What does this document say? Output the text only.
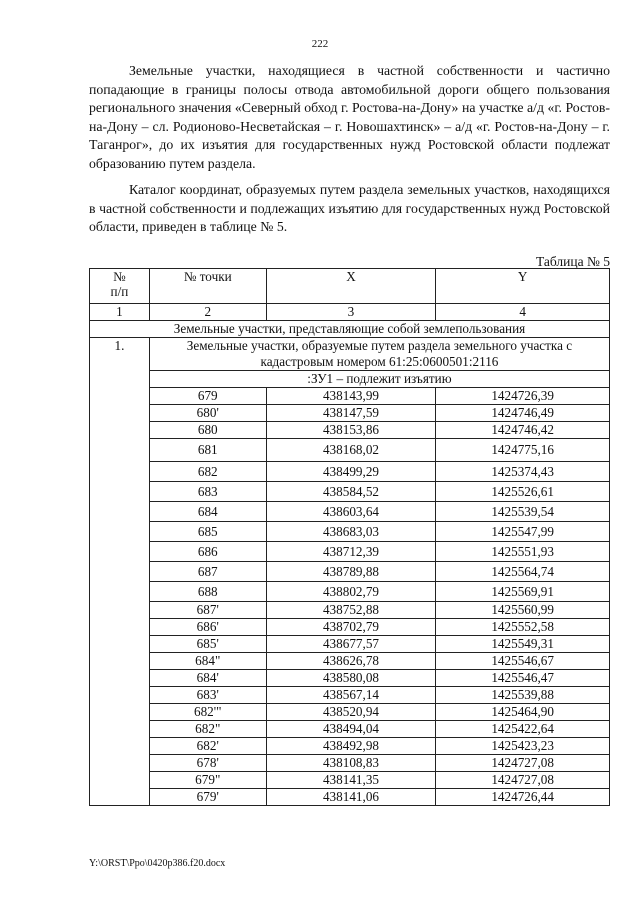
222

Земельные участки, находящиеся в частной собственности и частично попадающие в границы полосы отвода автомобильной дороги общего пользования регионального значения «Северный обход г. Ростова-на-Дону» на участке а/д «г. Ростов-на-Дону – сл. Родионово-Несветайская – г. Новошахтинск» – а/д «г. Ростов-на-Дону – г. Таганрог», до их изъятия для государственных нужд Ростовской области подлежат образованию путем раздела.

Каталог координат, образуемых путем раздела земельных участков, находящихся в частной собственности и подлежащих изъятию для государственных нужд Ростовской области, приведен в таблице № 5.

Таблица № 5
№
п/п	№ точки	X	Y
1	2	3	4
Земельные участки, представляющие собой землепользования			
1.	Земельные участки, образуемые путем раздела земельного участка с кадастровым номером 61:25:0600501:2116		
	:ЗУ1 – подлежит изъятию		
	679	438143,99	1424726,39
	680'	438147,59	1424746,49
	680	438153,86	1424746,42
	681	438168,02	1424775,16
	682	438499,29	1425374,43
	683	438584,52	1425526,61
	684	438603,64	1425539,54
	685	438683,03	1425547,99
	686	438712,39	1425551,93
	687	438789,88	1425564,74
	688	438802,79	1425569,91
	687'	438752,88	1425560,99
	686'	438702,79	1425552,58
	685'	438677,57	1425549,31
	684"	438626,78	1425546,67
	684'	438580,08	1425546,47
	683'	438567,14	1425539,88
	682'"	438520,94	1425464,90
	682"	438494,04	1425422,64
	682'	438492,98	1425423,23
	678'	438108,83	1424727,08
	679"	438141,35	1424727,08
	679'	438141,06	1424726,44
Y:\ORST\Ppo\0420p386.f20.docx
